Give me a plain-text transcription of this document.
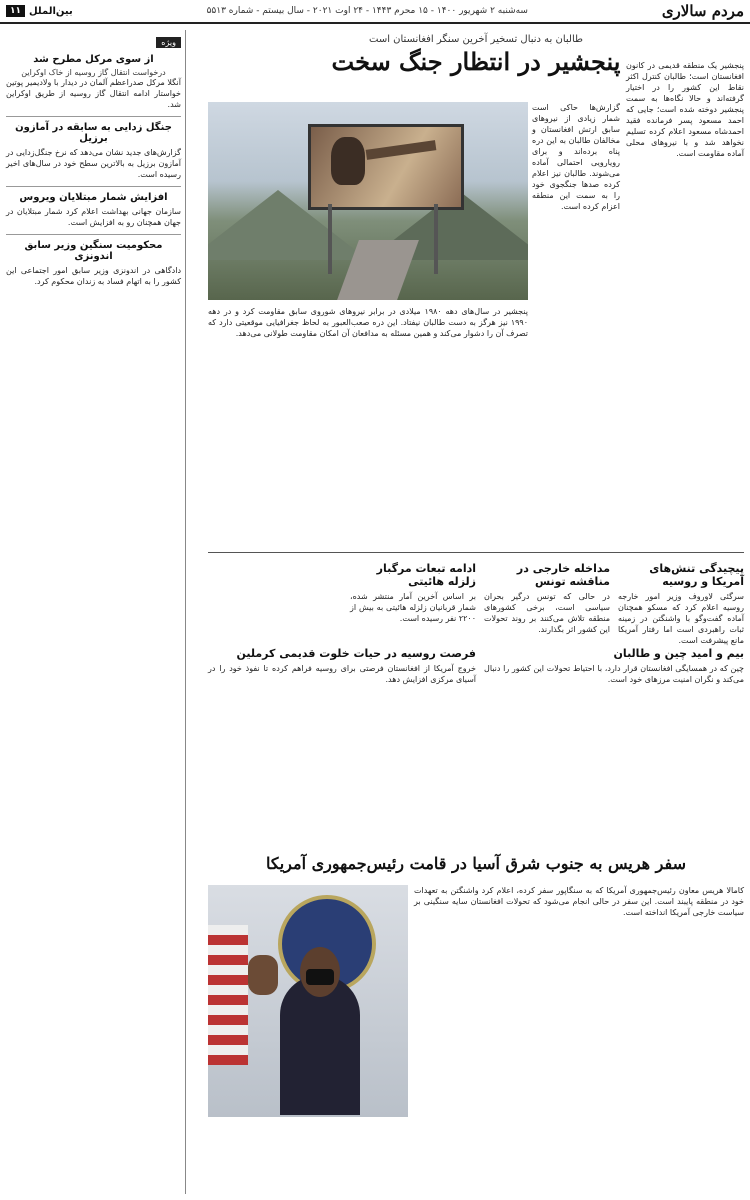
مردم سالاری
سه‌شنبه ۲ شهریور ۱۴۰۰ - ۱۵ محرم ۱۴۴۳ - ۲۴ اوت ۲۰۲۱ - سال بیستم - شماره ۵۵۱۳
بین‌الملل
۱۱
طالبان به دنبال تسخیر آخرین سنگر افغانستان است
پنجشیر در انتظار جنگ سخت پنجشیر یک منطقه قدیمی در کانون افغانستان است؛ طالبان کنترل اکثر نقاط این کشور را در اختیار گرفته‌اند و حالا نگاه‌ها به سمت پنجشیر دوخته شده است؛ جایی که احمد مسعود پسر فرمانده فقید احمدشاه مسعود اعلام کرده تسلیم نخواهد شد و با نیروهای محلی آماده مقاومت است.
گزارش‌ها حاکی است شمار زیادی از نیروهای سابق ارتش افغانستان و مخالفان طالبان به این دره پناه برده‌اند و برای رویارویی احتمالی آماده می‌شوند. طالبان نیز اعلام کرده صدها جنگجوی خود را به سمت این منطقه اعزام کرده است.
پنجشیر در سال‌های دهه ۱۹۸۰ میلادی در برابر نیروهای شوروی سابق مقاومت کرد و در دهه ۱۹۹۰ نیز هرگز به دست طالبان نیفتاد. این دره صعب‌العبور به لحاظ جغرافیایی موقعیتی دارد که تصرف آن را دشوار می‌کند و همین مسئله به مدافعان آن امکان مقاومت طولانی می‌دهد.
پیچیدگی تنش‌های آمریکا و روسیه
سرگئی لاوروف وزیر امور خارجه روسیه اعلام کرد که مسکو همچنان آماده گفت‌وگو با واشنگتن در زمینه ثبات راهبردی است اما رفتار آمریکا مانع پیشرفت است.
مداخله خارجی در مناقشه تونس
در حالی که تونس درگیر بحران سیاسی است، برخی کشورهای منطقه تلاش می‌کنند بر روند تحولات این کشور اثر بگذارند.
ادامه تبعات مرگبار زلزله هائیتی
بر اساس آخرین آمار منتشر شده، شمار قربانیان زلزله هائیتی به بیش از ۲۲۰۰ نفر رسیده است.
بیم و امید چین و طالبان
چین که در همسایگی افغانستان قرار دارد، با احتیاط تحولات این کشور را دنبال می‌کند و نگران امنیت مرزهای خود است.
فرصت روسیه در حیات خلوت قدیمی کرملین
خروج آمریکا از افغانستان فرصتی برای روسیه فراهم کرده تا نفوذ خود را در آسیای مرکزی افزایش دهد.
سفر هریس به جنوب شرق آسیا در قامت رئیس‌جمهوری آمریکا
کامالا هریس معاون رئیس‌جمهوری آمریکا که به سنگاپور سفر کرده، اعلام کرد واشنگتن به تعهدات خود در منطقه پایبند است. این سفر در حالی انجام می‌شود که تحولات افغانستان سایه سنگینی بر سیاست خارجی آمریکا انداخته است.
ویژه
از سوی مرکل مطرح شد
درخواست انتقال گاز روسیه از خاک اوکراین
آنگلا مرکل صدراعظم آلمان در دیدار با ولادیمیر پوتین خواستار ادامه انتقال گاز روسیه از طریق اوکراین شد.
جنگل زدایی به سابقه در آمازون برزیل
گزارش‌های جدید نشان می‌دهد که نرخ جنگل‌زدایی در آمازون برزیل به بالاترین سطح خود در سال‌های اخیر رسیده است.
افزایش شمار مبتلایان ویروس
سازمان جهانی بهداشت اعلام کرد شمار مبتلایان در جهان همچنان رو به افزایش است.
محکومیت سنگین وزیر سابق اندونزی
دادگاهی در اندونزی وزیر سابق امور اجتماعی این کشور را به اتهام فساد به زندان محکوم کرد.
